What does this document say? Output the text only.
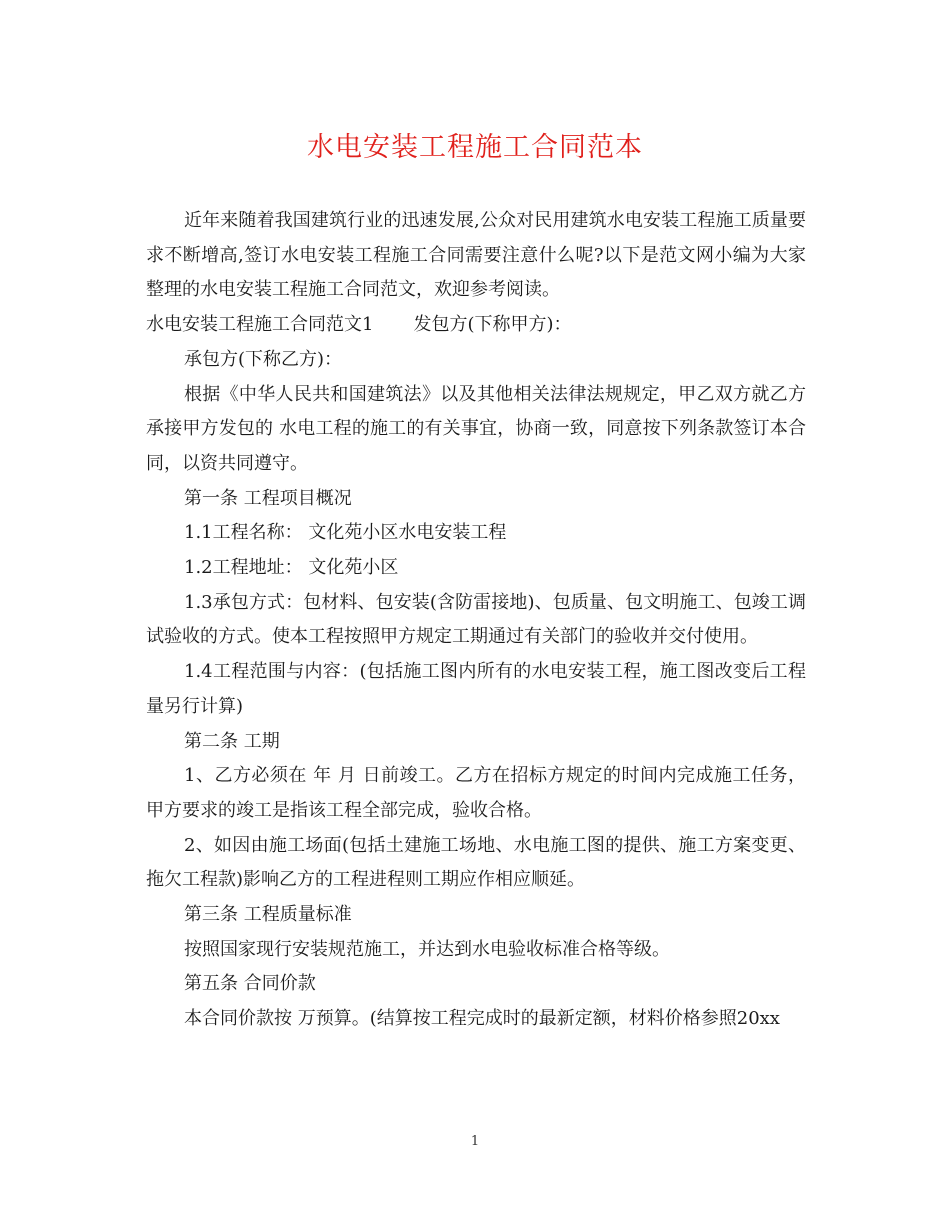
水电安装工程施工合同范本

近年来随着我国建筑行业的迅速发展,公众对民用建筑水电安装工程施工质量要求不断增高,签订水电安装工程施工合同需要注意什么呢?以下是范文网小编为大家整理的水电安装工程施工合同范文，欢迎参考阅读。

水电安装工程施工合同范文1 发包方(下称甲方)：

承包方(下称乙方)：

根据《中华人民共和国建筑法》以及其他相关法律法规规定，甲乙双方就乙方承接甲方发包的 水电工程的施工的有关事宜，协商一致，同意按下列条款签订本合同，以资共同遵守。

第一条 工程项目概况

1.1工程名称： 文化苑小区水电安装工程

1.2工程地址： 文化苑小区

1.3承包方式：包材料、包安装(含防雷接地)、包质量、包文明施工、包竣工调试验收的方式。使本工程按照甲方规定工期通过有关部门的验收并交付使用。

1.4工程范围与内容：(包括施工图内所有的水电安装工程，施工图改变后工程量另行计算)

第二条 工期

1、乙方必须在 年 月 日前竣工。乙方在招标方规定的时间内完成施工任务，甲方要求的竣工是指该工程全部完成，验收合格。

2、如因由施工场面(包括土建施工场地、水电施工图的提供、施工方案变更、拖欠工程款)影响乙方的工程进程则工期应作相应顺延。

第三条 工程质量标准

按照国家现行安装规范施工，并达到水电验收标准合格等级。

第五条 合同价款

本合同价款按 万预算。(结算按工程完成时的最新定额，材料价格参照20xx

1
